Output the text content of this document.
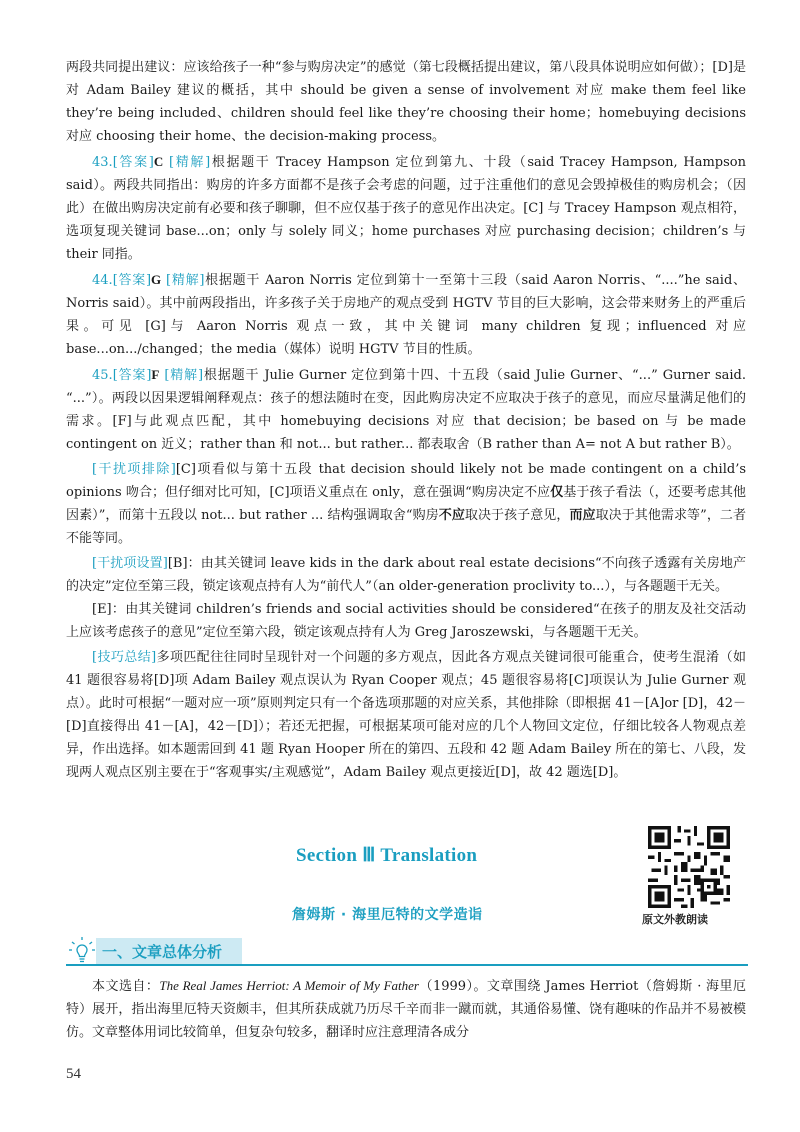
两段共同提出建议：应该给孩子一种“参与购房决定”的感觉（第七段概括提出建议，第八段具体说明应如何做）；[D]是对 Adam Bailey 建议的概括，其中 should be given a sense of involvement 对应 make them feel like they’re being included、children should feel like they’re choosing their home；homebuying decisions 对应 choosing their home、the decision-making process。

43.[答案]C [精解]根据题干 Tracey Hampson 定位到第九、十段（said Tracey Hampson, Hampson said）。两段共同指出：购房的许多方面都不是孩子会考虑的问题，过于注重他们的意见会毁掉极佳的购房机会；（因此）在做出购房决定前有必要和孩子聊聊，但不应仅基于孩子的意见作出决定。[C] 与 Tracey Hampson 观点相符，选项复现关键词 base...on；only 与 solely 同义；home purchases 对应 purchasing decision；children’s 与 their 同指。

44.[答案]G [精解]根据题干 Aaron Norris 定位到第十一至第十三段（said Aaron Norris、“....”he said、Norris said）。其中前两段指出，许多孩子关于房地产的观点受到 HGTV 节目的巨大影响，这会带来财务上的严重后果。可见 [G]与 Aaron Norris 观点一致，其中关键词 many children 复现；influenced 对应 base...on.../changed；the media（媒体）说明 HGTV 节目的性质。

45.[答案]F [精解]根据题干 Julie Gurner 定位到第十四、十五段（said Julie Gurner、“...” Gurner said. “...”）。两段以因果逻辑阐释观点：孩子的想法随时在变，因此购房决定不应取决于孩子的意见，而应尽量满足他们的需求。[F]与此观点匹配，其中 homebuying decisions 对应 that decision；be based on 与 be made contingent on 近义；rather than 和 not... but rather... 都表取舍（B rather than A= not A but rather B）。

[干扰项排除][C]项看似与第十五段 that decision should likely not be made contingent on a child’s opinions 吻合；但仔细对比可知，[C]项语义重点在 only，意在强调“购房决定不应仅基于孩子看法（，还要考虑其他因素）”，而第十五段以 not... but rather ... 结构强调取舍“购房不应取决于孩子意见，而应取决于其他需求等”，二者不能等同。

[干扰项设置][B]：由其关键词 leave kids in the dark about real estate decisions“不向孩子透露有关房地产的决定”定位至第三段，锁定该观点持有人为“前代人”（an older-generation proclivity to...），与各题题干无关。

[E]：由其关键词 children’s friends and social activities should be considered“在孩子的朋友及社交活动上应该考虑孩子的意见”定位至第六段，锁定该观点持有人为 Greg Jaroszewski，与各题题干无关。

[技巧总结]多项匹配往往同时呈现针对一个问题的多方观点，因此各方观点关键词很可能重合，使考生混淆（如 41 题很容易将[D]项 Adam Bailey 观点误认为 Ryan Cooper 观点；45 题很容易将[C]项误认为 Julie Gurner 观点）。此时可根据“一题对应一项”原则判定只有一个备选项那题的对应关系，其他排除（即根据 41－[A]or [D]，42－[D]直接得出 41－[A]，42－[D]）；若还无把握，可根据某项可能对应的几个人物回文定位，仔细比较各人物观点差异，作出选择。如本题需回到 41 题 Ryan Hooper 所在的第四、五段和 42 题 Adam Bailey 所在的第七、八段，发现两人观点区别主要在于“客观事实/主观感觉”，Adam Bailey 观点更接近[D]，故 42 题选[D]。

Section Ⅲ Translation
詹姆斯 · 海里厄特的文学造诣	原文外教朗读
一、文章总体分析

本文选自：The Real James Herriot: A Memoir of My Father（1999）。文章围绕 James Herriot（詹姆斯 · 海里厄特）展开，指出海里厄特天资颇丰，但其所获成就乃历尽千辛而非一蹴而就，其通俗易懂、饶有趣味的作品并不易被模仿。文章整体用词比较简单，但复杂句较多，翻译时应注意理清各成分

54
